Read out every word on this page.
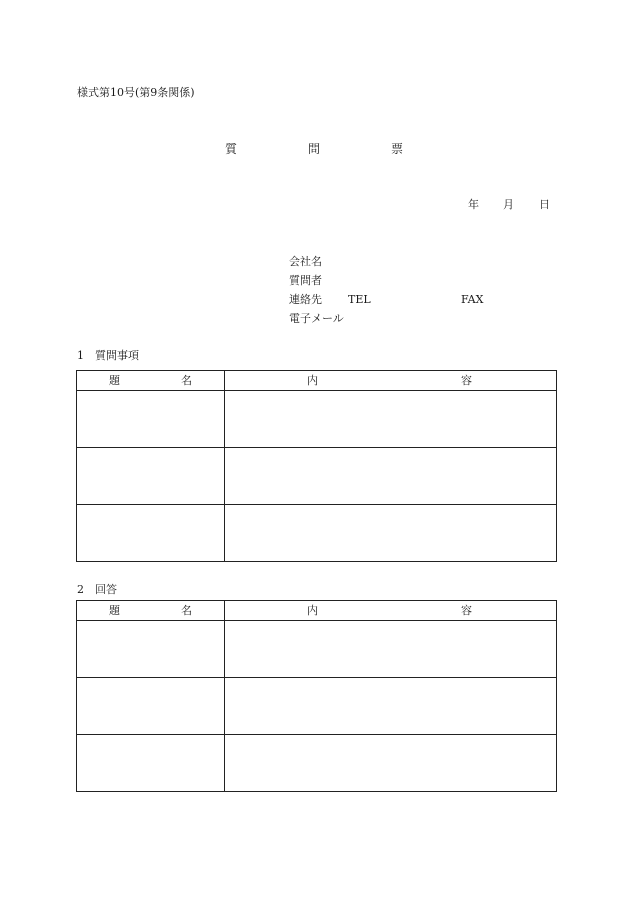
様式第10号(第9条関係)
質	問	票
年 月 日
会社名
質問者
連絡先 TEL	FAX
電子メール
1 質問事項
題 名	内 容

2 回答
題 名	内 容
